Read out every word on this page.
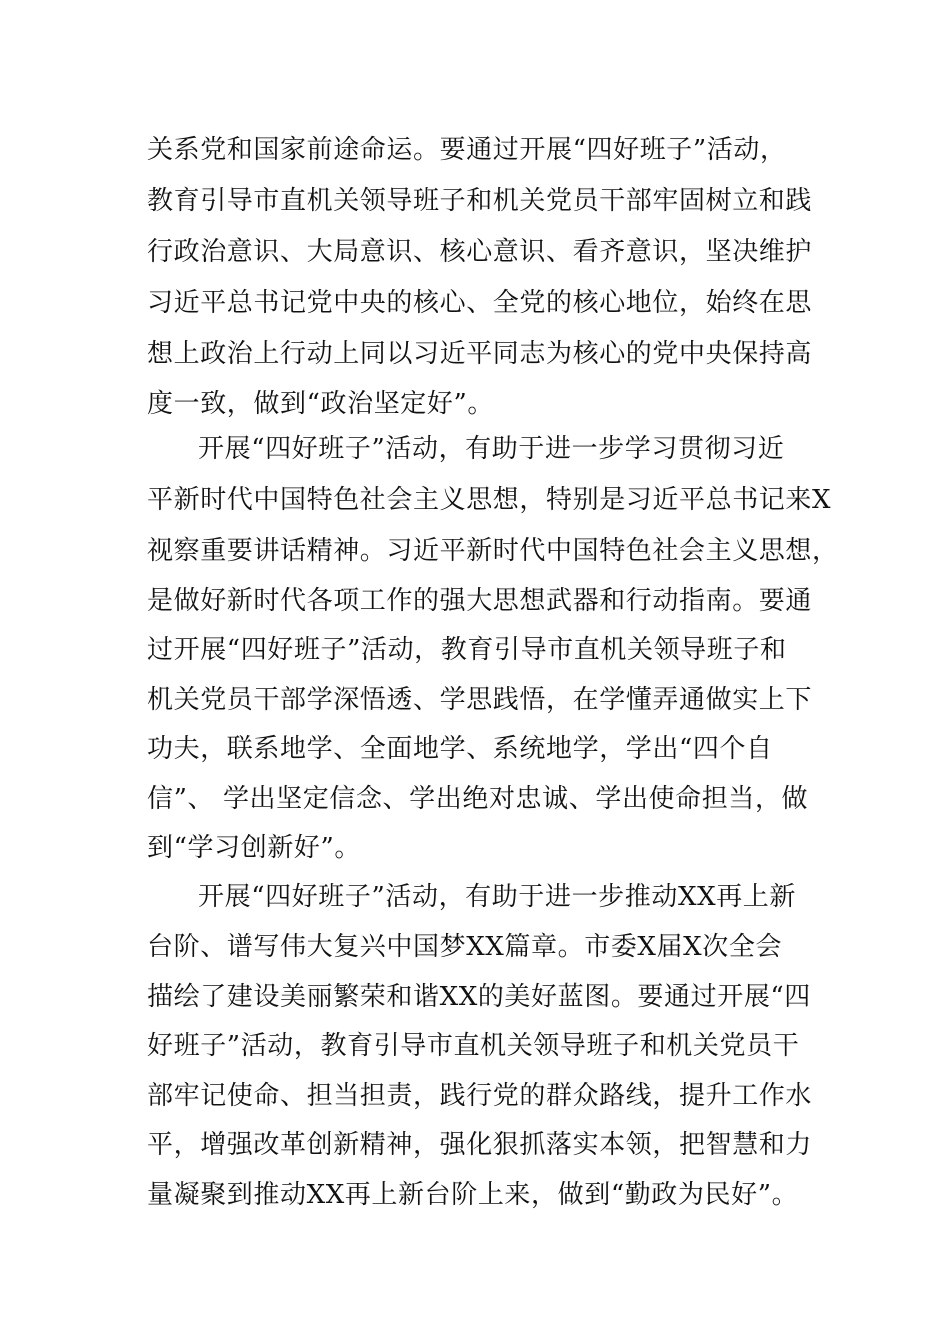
关系党和国家前途命运。要通过开展“四好班子”活动，
教育引导市直机关领导班子和机关党员干部牢固树立和践
行政治意识、大局意识、核心意识、看齐意识，坚决维护
习近平总书记党中央的核心、全党的核心地位，始终在思
想上政治上行动上同以习近平同志为核心的党中央保持高
度一致，做到“政治坚定好”。
开展“四好班子”活动，有助于进一步学习贯彻习近
平新时代中国特色社会主义思想，特别是习近平总书记来X
视察重要讲话精神。习近平新时代中国特色社会主义思想，
是做好新时代各项工作的强大思想武器和行动指南。要通
过开展“四好班子”活动，教育引导市直机关领导班子和
机关党员干部学深悟透、学思践悟，在学懂弄通做实上下
功夫，联系地学、全面地学、系统地学，学出“四个自
信”、 学出坚定信念、学出绝对忠诚、学出使命担当，做
到“学习创新好”。
开展“四好班子”活动，有助于进一步推动XX再上新
台阶、谱写伟大复兴中国梦XX篇章。市委X届X次全会
描绘了建设美丽繁荣和谐XX的美好蓝图。要通过开展“四
好班子”活动，教育引导市直机关领导班子和机关党员干
部牢记使命、担当担责，践行党的群众路线，提升工作水
平，增强改革创新精神，强化狠抓落实本领，把智慧和力
量凝聚到推动XX再上新台阶上来，做到“勤政为民好”。
